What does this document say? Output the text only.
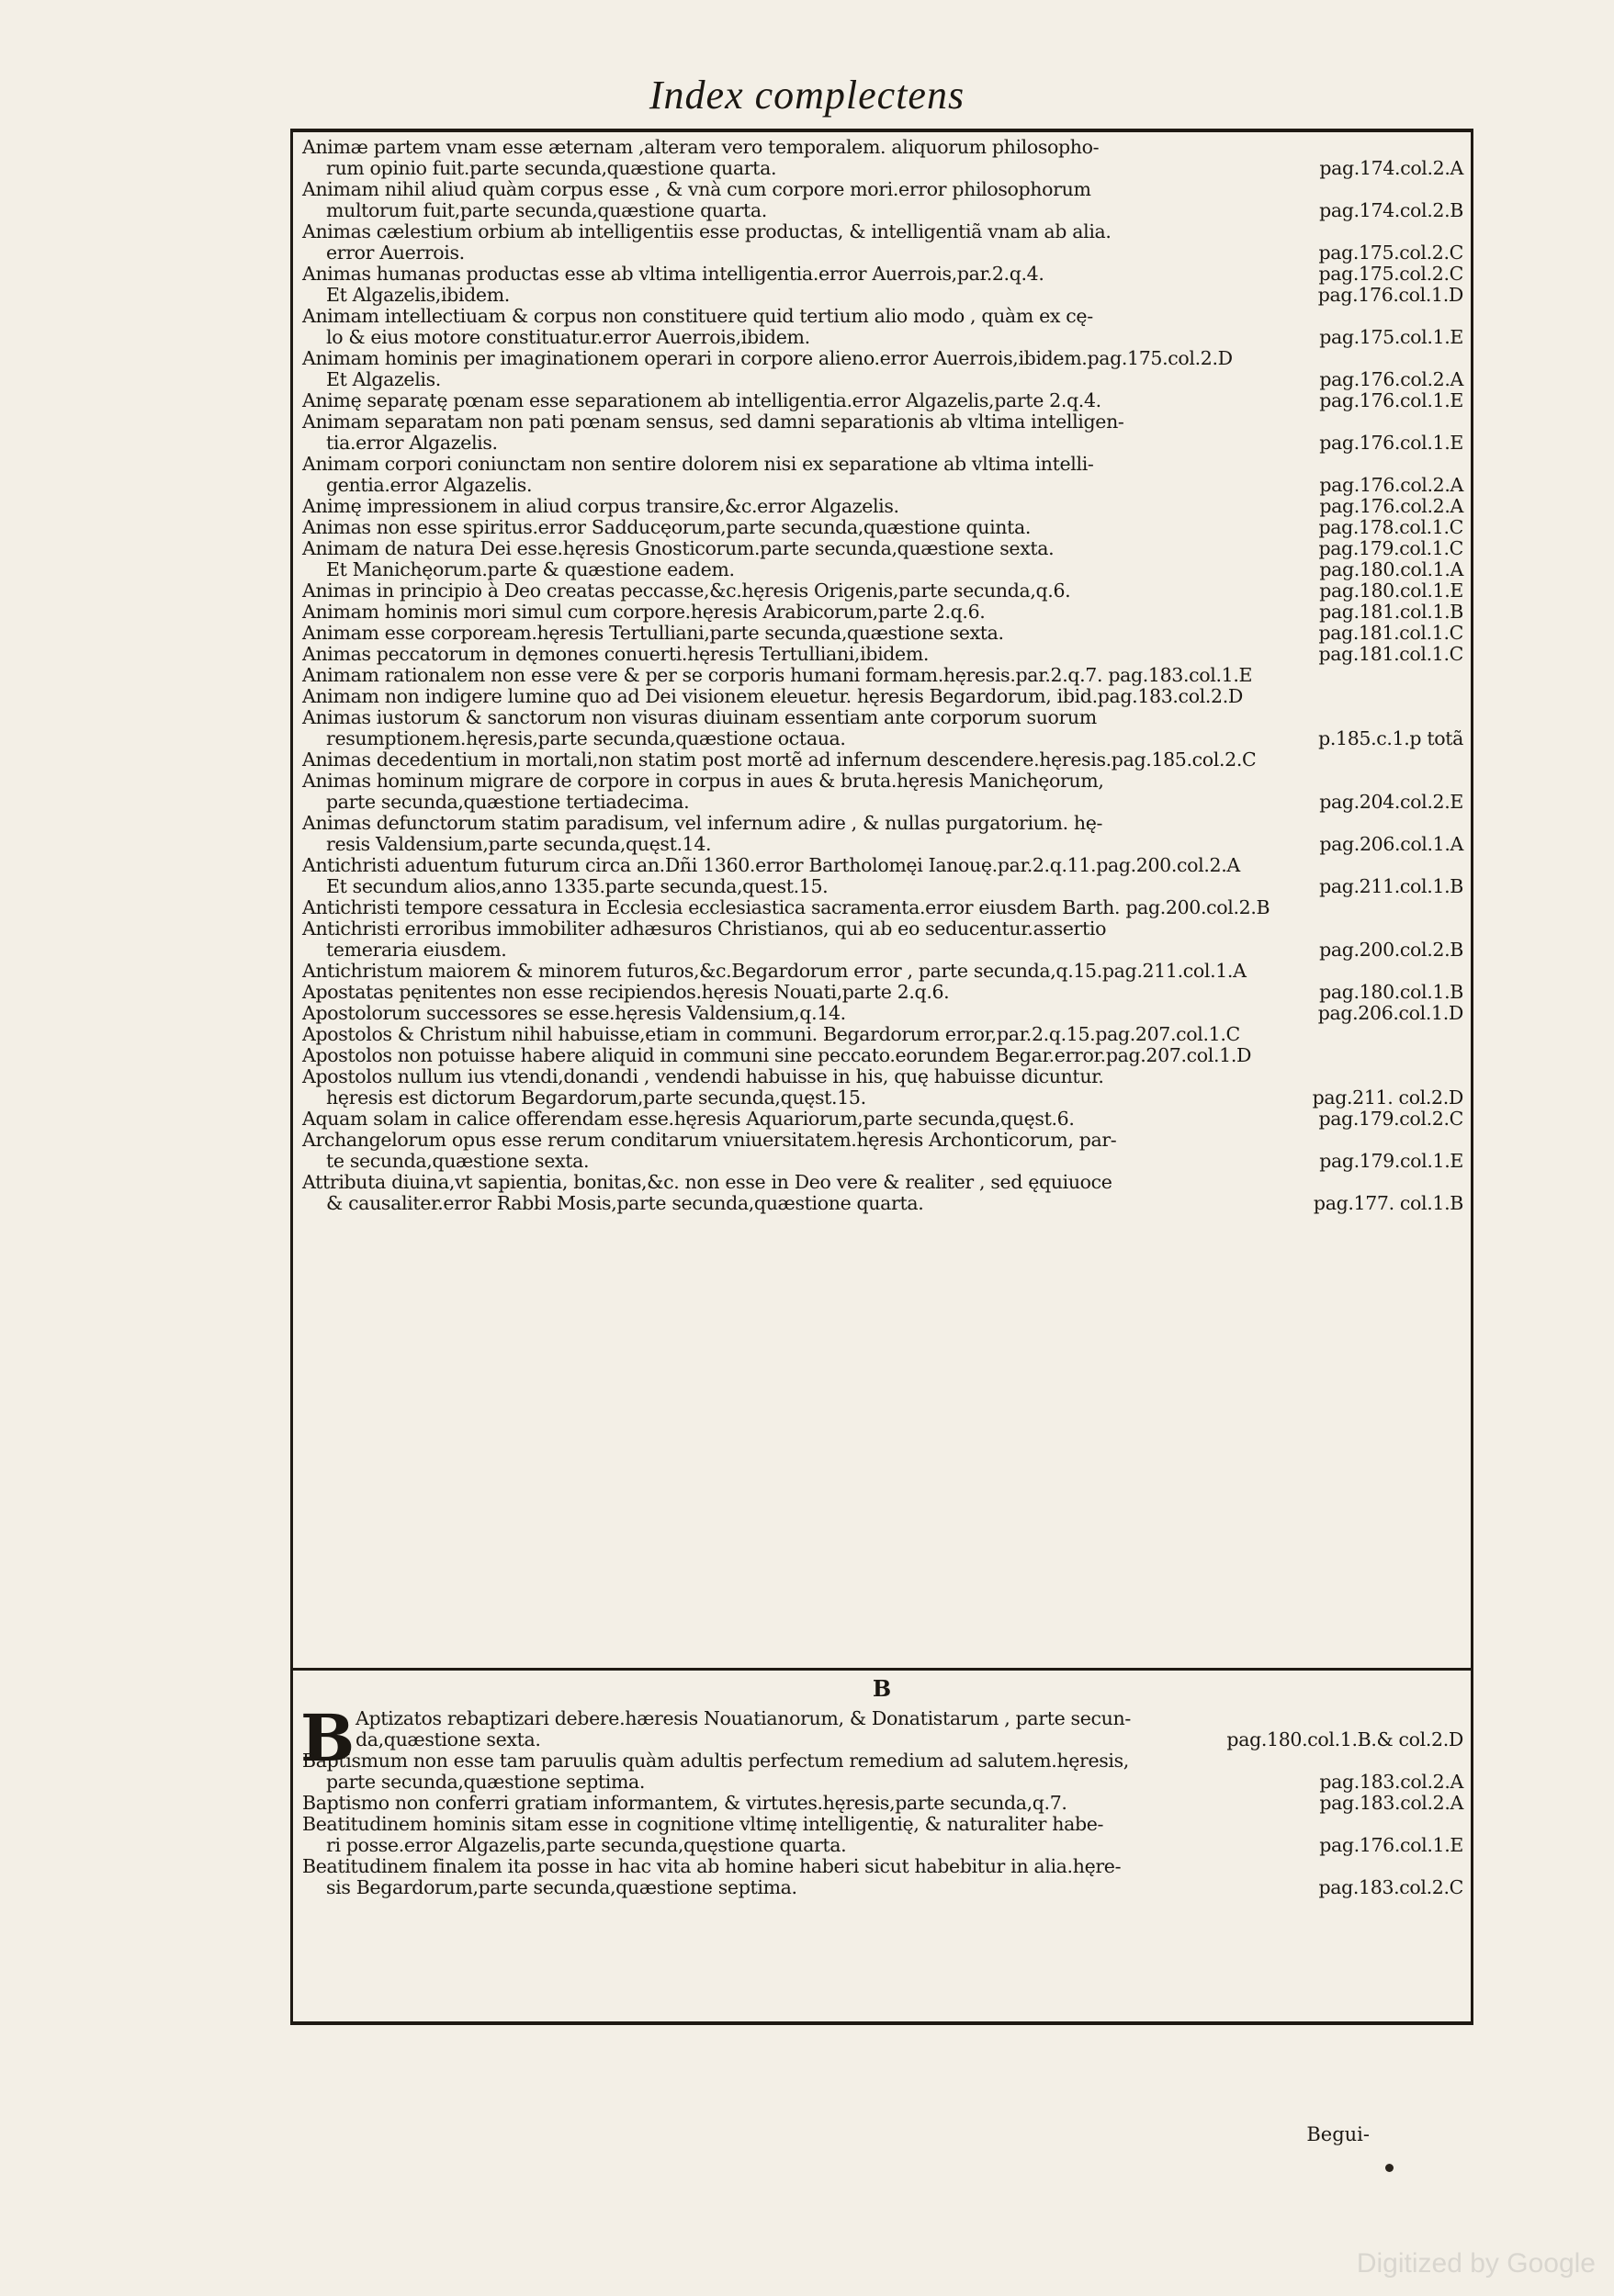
Index complectens
Animæ partem vnam esse æternam ,alteram vero temporalem. aliquorum philosopho-
rum opinio fuit.parte secunda,quæstione quarta.	pag.174.col.2.A
Animam nihil aliud quàm corpus esse , & vnà cum corpore mori.error philosophorum
multorum fuit,parte secunda,quæstione quarta.	pag.174.col.2.B
Animas cælestium orbium ab intelligentiis esse productas, & intelligentiã vnam ab alia.
error Auerrois.	pag.175.col.2.C
Animas humanas productas esse ab vltima intelligentia.error Auerrois,par.2.q.4.	pag.175.col.2.C
Et Algazelis,ibidem.	pag.176.col.1.D
Animam intellectiuam & corpus non constituere quid tertium alio modo , quàm ex cę-
lo & eius motore constituatur.error Auerrois,ibidem.	pag.175.col.1.E
Animam hominis per imaginationem operari in corpore alieno.error Auerrois,ibidem.pag.175.col.2.D
Et Algazelis.	pag.176.col.2.A
Animę separatę pœnam esse separationem ab intelligentia.error Algazelis,parte 2.q.4.	pag.176.col.1.E
Animam separatam non pati pœnam sensus, sed damni separationis ab vltima intelligen-
tia.error Algazelis.	pag.176.col.1.E
Animam corpori coniunctam non sentire dolorem nisi ex separatione ab vltima intelli-
gentia.error Algazelis.	pag.176.col.2.A
Animę impressionem in aliud corpus transire,&c.error Algazelis.	pag.176.col.2.A
Animas non esse spiritus.error Sadducęorum,parte secunda,quæstione quinta.	pag.178.col.1.C
Animam de natura Dei esse.hęresis Gnosticorum.parte secunda,quæstione sexta.	pag.179.col.1.C
Et Manichęorum.parte & quæstione eadem.	pag.180.col.1.A
Animas in principio à Deo creatas peccasse,&c.hęresis Origenis,parte secunda,q.6.	pag.180.col.1.E
Animam hominis mori simul cum corpore.hęresis Arabicorum,parte 2.q.6.	pag.181.col.1.B
Animam esse corpoream.hęresis Tertulliani,parte secunda,quæstione sexta.	pag.181.col.1.C
Animas peccatorum in dęmones conuerti.hęresis Tertulliani,ibidem.	pag.181.col.1.C
Animam rationalem non esse vere & per se corporis humani formam.hęresis.par.2.q.7. pag.183.col.1.E
Animam non indigere lumine quo ad Dei visionem eleuetur. hęresis Begardorum, ibid.pag.183.col.2.D
Animas iustorum & sanctorum non visuras diuinam essentiam ante corporum suorum
resumptionem.hęresis,parte secunda,quæstione octaua.	p.185.c.1.p totã
Animas decedentium in mortali,non statim post mortẽ ad infernum descendere.hęresis.pag.185.col.2.C
Animas hominum migrare de corpore in corpus in aues & bruta.hęresis Manichęorum,
parte secunda,quæstione tertiadecima.	pag.204.col.2.E
Animas defunctorum statim paradisum, vel infernum adire , & nullas purgatorium. hę-
resis Valdensium,parte secunda,quęst.14.	pag.206.col.1.A
Antichristi aduentum futurum circa an.Dñi 1360.error Bartholomęi Ianouę.par.2.q.11.pag.200.col.2.A
Et secundum alios,anno 1335.parte secunda,quest.15.	pag.211.col.1.B
Antichristi tempore cessatura in Ecclesia ecclesiastica sacramenta.error eiusdem Barth. pag.200.col.2.B
Antichristi erroribus immobiliter adhæsuros Christianos, qui ab eo seducentur.assertio
temeraria eiusdem.	pag.200.col.2.B
Antichristum maiorem & minorem futuros,&c.Begardorum error , parte secunda,q.15.pag.211.col.1.A
Apostatas pęnitentes non esse recipiendos.hęresis Nouati,parte 2.q.6.	pag.180.col.1.B
Apostolorum successores se esse.hęresis Valdensium,q.14.	pag.206.col.1.D
Apostolos & Christum nihil habuisse,etiam in communi. Begardorum error,par.2.q.15.pag.207.col.1.C
Apostolos non potuisse habere aliquid in communi sine peccato.eorundem Begar.error.pag.207.col.1.D
Apostolos nullum ius vtendi,donandi , vendendi habuisse in his, quę habuisse dicuntur.
hęresis est dictorum Begardorum,parte secunda,quęst.15.	pag.211. col.2.D
Aquam solam in calice offerendam esse.hęresis Aquariorum,parte secunda,quęst.6.	pag.179.col.2.C
Archangelorum opus esse rerum conditarum vniuersitatem.hęresis Archonticorum, par-
te secunda,quæstione sexta.	pag.179.col.1.E
Attributa diuina,vt sapientia, bonitas,&c. non esse in Deo vere & realiter , sed ęquiuoce
& causaliter.error Rabbi Mosis,parte secunda,quæstione quarta.	pag.177. col.1.B
B
B Aptizatos rebaptizari debere.hæresis Nouatianorum, & Donatistarum , parte secun-
da,quæstione sexta.	pag.180.col.1.B.& col.2.D
Baptismum non esse tam paruulis quàm adultis perfectum remedium ad salutem.hęresis,
parte secunda,quæstione septima.	pag.183.col.2.A
Baptismo non conferri gratiam informantem, & virtutes.hęresis,parte secunda,q.7.	pag.183.col.2.A
Beatitudinem hominis sitam esse in cognitione vltimę intelligentię, & naturaliter habe-
ri posse.error Algazelis,parte secunda,quęstione quarta.	pag.176.col.1.E
Beatitudinem finalem ita posse in hac vita ab homine haberi sicut habebitur in alia.hęre-
sis Begardorum,parte secunda,quæstione septima.	pag.183.col.2.C
Begui-
Digitized by Google
